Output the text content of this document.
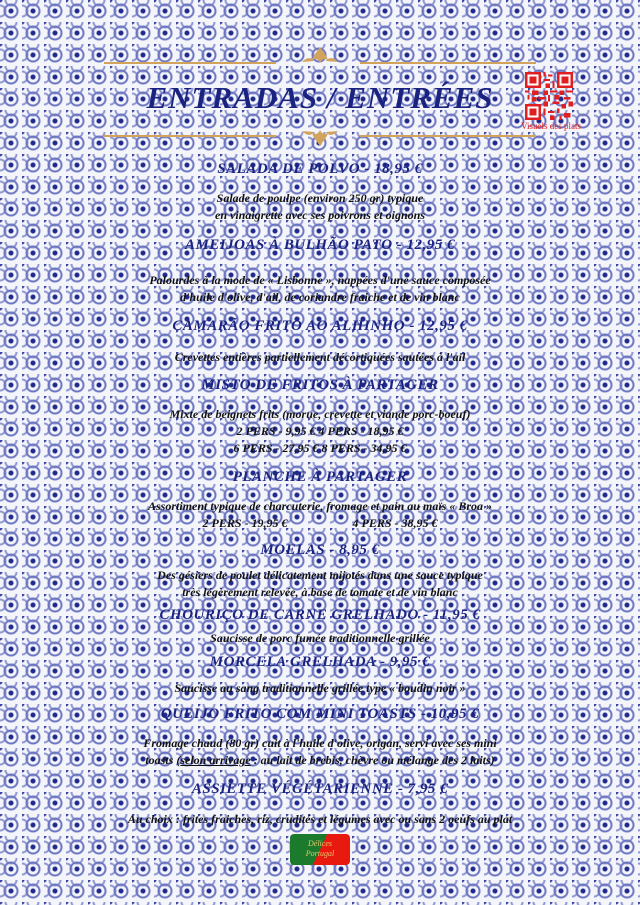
ENTRADAS / ENTRÉES
Visuels des plats
SALADA DE POLVO - 18,95 €
Salade de poulpe (environ 250 gr) typique
en vinaigrette avec ses poivrons et oignons
AMEIJOAS À BULHÃO PATO - 12,95 €
Palourdes à la mode de « Lisbonne », nappées d'une sauce composée
d'huile d'olive, d'ail, de coriandre fraiche et de vin blanc
CAMARÃO FRITO AO ALHINHO - 12,95 €
Crevettes entières partiellement décortiquées sautées à l'ail
MISTO DE FRITOS À PARTAGER
Mixte de beignets frits (morue, crevette et viande porc-boeuf)
2 PERS - 9,95 € 4 PERS - 18,95 €
6 PERS - 27,95 € 8 PERS - 34,95 €
PLANCHE À PARTAGER
Assortiment typique de charcuterie, fromage et pain au maïs « Broa »
2 PERS - 19,95 €	4 PERS - 38,95 €
MOELAS - 8,95 €
Des gésiers de poulet délicatement mijotés dans une sauce typique
très légèrement relevée, à base de tomate et de vin blanc
CHOURIÇO DE CARNE GRELHADO - 11,95 €
Saucisse de porc fumée traditionnelle grillée
MORCELA GRELHADA - 9,95 €
Saucisse au sang traditionnelle grillée type « boudin noir »
QUEIJO FRITO COM MINI TOASTS - 10,95 €
Fromage chaud (80 gr) cuit à l'huile d'olive, origan, servi avec ses mini
toasts (selon arrivage : au lait de brebis, chèvre ou mélange des 2 laits)
ASSIETTE VÉGÉTARIENNE - 7,95 €
Au choix : frites fraiches, riz, crudités et légumes avec ou sans 2 oeufs au plat
Délices
Portugal
